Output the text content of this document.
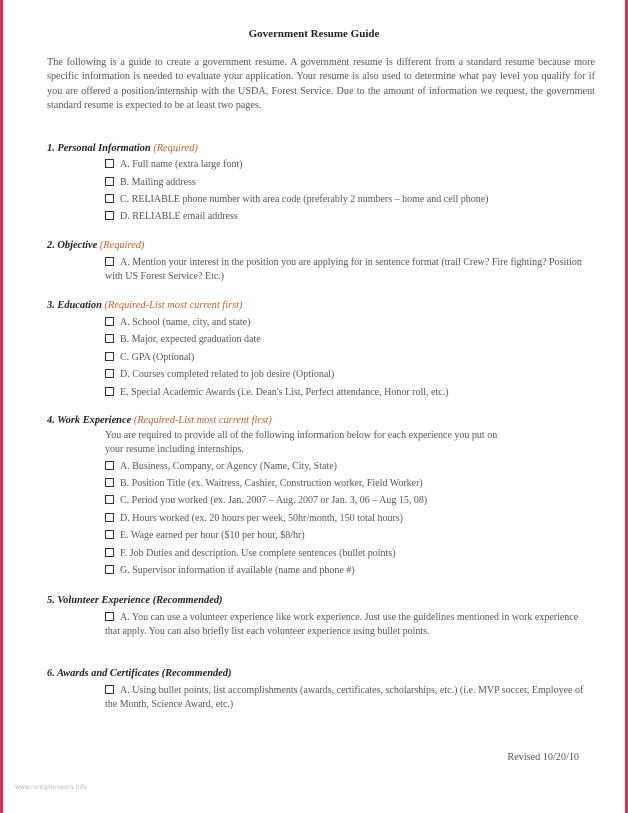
Government Resume Guide
The following is a guide to create a government resume. A government resume is different from a standard resume because more specific information is needed to evaluate your application. Your resume is also used to determine what pay level you qualify for if you are offered a position/internship with the USDA, Forest Service. Due to the amount of information we request, the government standard resume is expected to be at least two pages.
1. Personal Information (Required)
A. Full name (extra large font)
B. Mailing address
C. RELIABLE phone number with area code (preferably 2 numbers – home and cell phone)
D. RELIABLE email address
2. Objective (Required)
A. Mention your interest in the position you are applying for in sentence format (trail Crew? Fire fighting? Position with US Forest Service? Etc.)
3. Education (Required-List most current first)
A. School (name, city, and state)
B. Major, expected graduation date
C. GPA (Optional)
D. Courses completed related to job desire (Optional)
E. Special Academic Awards (i.e. Dean's List, Perfect attendance, Honor roll, etc.)
4. Work Experience (Required-List most current first)
You are required to provide all of the following information below for each experience you put on your resume including internships.
A. Business, Company, or Agency (Name, City, State)
B. Position Title (ex. Waitress, Cashier, Construction worker, Field Worker)
C. Period you worked (ex. Jan. 2007 – Aug. 2007 or Jan. 3, 06 – Aug 15, 08)
D. Hours worked (ex. 20 hours per week, 50hr/month, 150 total hours)
E. Wage earned per hour ($10 per hour, $8/hr)
F. Job Duties and description. Use complete sentences (bullet points)
G. Supervisor information if available (name and phone #)
5. Volunteer Experience (Recommended)
A. You can use a volunteer experience like work experience. Just use the guidelines mentioned in work experience that apply. You can also briefly list each volunteer experience using bullet points.
6. Awards and Certificates (Recommended)
A. Using bullet points, list accomplishments (awards, certificates, scholarships, etc.) (i.e. MVP soccer, Employee of the Month, Science Award, etc.)
Revised 10/20/10
www.rantiphonsons.info
